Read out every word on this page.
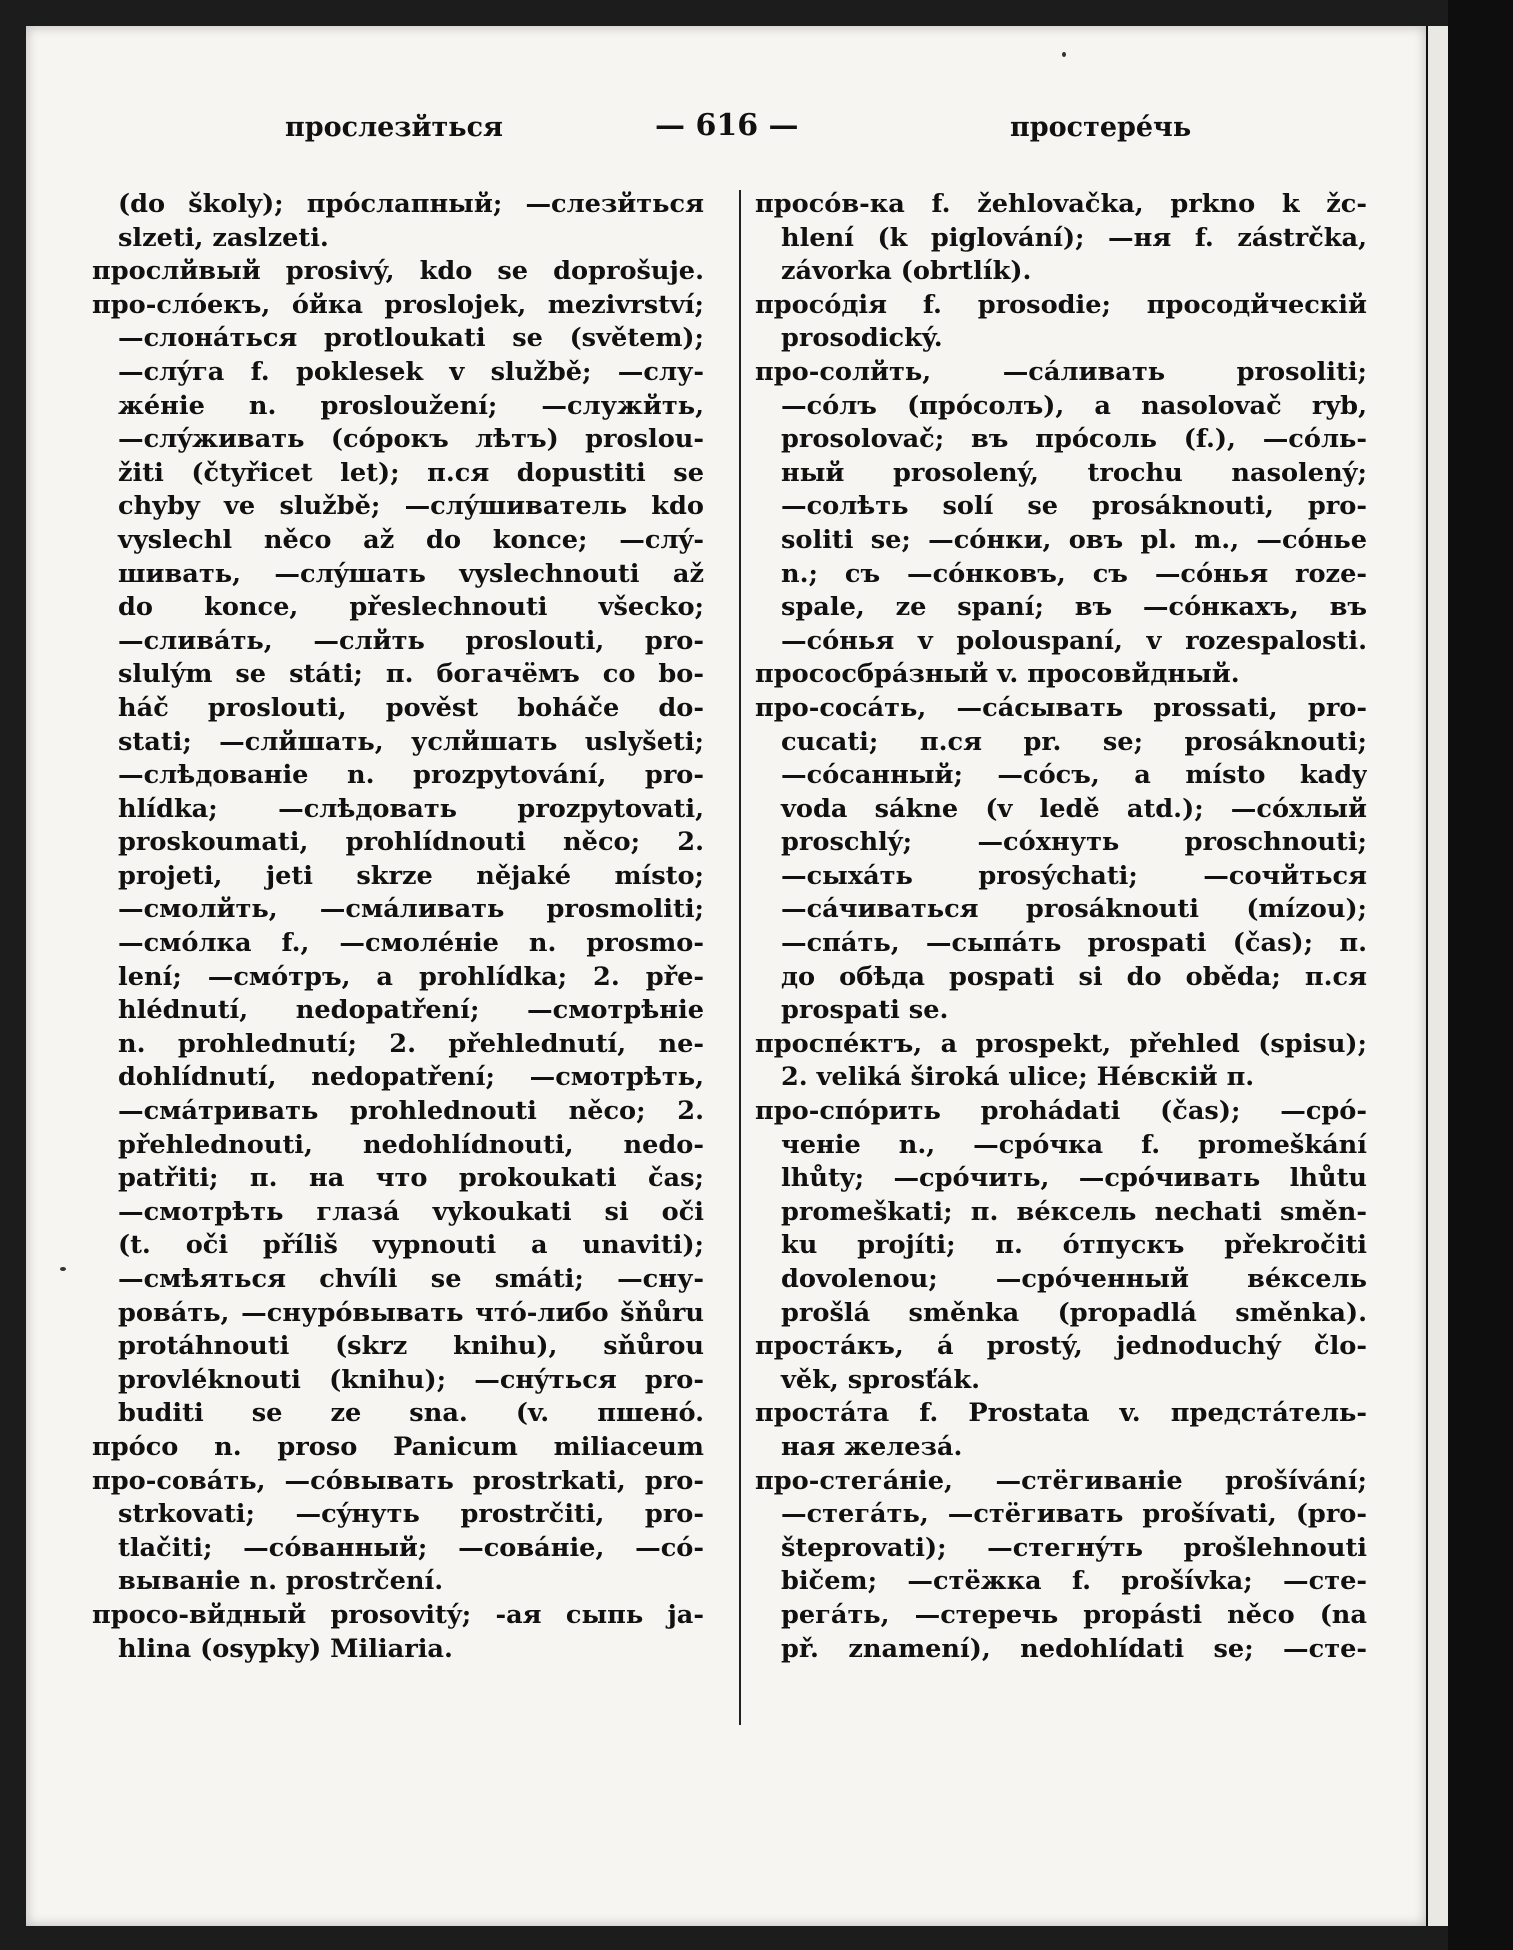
прослезйться	— 616 —	простерéчь
(do školy); прóслапный; —слезйться
slzeti, zaslzeti.
проcлйвый prosivý, kdo se doprošuje.
про-слóекъ, óйка proslojek, mezivrství;
—слонáться protloukati se (světem);
—слýга f. poklesek v službě; —слу-
жéніе n. prosloužení; —служйть,
—слýживать (сóрокъ лѣтъ) proslou-
žiti (čtyřicet let); п.ся dopustiti se
chyby ve službě; —слýшиватель kdo
vyslechl něco až do konce; —слý-
шивать, —слýшать vyslechnouti až
do konce, přeslechnouti všecko;
—сливáть, —слйть proslouti, pro-
slulým se státi; п. богачёмъ co bo-
háč proslouti, pověst boháče do-
stati; —слйшать, услйшать uslyšeti;
—слѣдованіе n. prozpytování, pro-
hlídka; —слѣдовать prozpytovati,
proskoumati, prohlídnouti něco; 2.
projeti, jeti skrze nějaké místo;
—смолйть, —смáливать prosmoliti;
—смóлка f., —смолéніе n. prosmo-
lení; —смóтръ, a prohlídka; 2. pře-
hlédnutí, nedopatření; —смотрѣніе
n. prohlednutí; 2. přehlednutí, ne-
dohlídnutí, nedopatření; —смотрѣть,
—смáтривать prohlednouti něco; 2.
přehlednouti, nedohlídnouti, nedo-
patřiti; п. на что prokoukati čas;
—смотрѣть глазá vykoukati si oči
(t. oči příliš vypnouti a unaviti);
—смѣяться chvíli se smáti; —сну-
ровáть, —снурóвывать чтó-либо šňůru
protáhnouti (skrz knihu), sňůrou
provléknouti (knihu); —снýться pro-
buditi se ze sna. (v. пшенó.
прóсо n. proso Panicum miliaceum
про-совáть, —сóвывать prostrkati, pro-
strkovati; —сýнуть prostrčiti, pro-
tlačiti; —сóванный; —совáніе, —сó-
вываніе n. prostrčení.
просо-вйдный prosovitý; -ая сыпь ja-
hlina (osypky) Miliaria.
просóв-ка f. žehlovačka, prkno k žc-
hlení (k piglování); —ня f. zástrčka,
závorka (obrtlík).
просóдія f. prosodie; просодйческій
prosodický.
про-солйть, —сáливать prosoliti;
—сóлъ (прóсолъ), a nasolovač ryb,
prosolovač; въ прóсоль (f.), —сóль-
ный prosolený, trochu nasolený;
—солѣть solí se prosáknouti, pro-
soliti se; —сóнки, овъ pl. m., —сóнье
n.; съ —сóнковъ, съ —сóнья roze-
spale, ze spaní; въ —сóнкахъ, въ
—сóнья v polouspaní, v rozespalosti.
прососбрáзный v. просовйдный.
про-сосáть, —сáсывать prossati, pro-
cucati; п.ся pr. se; prosáknouti;
—сóсанный; —сóсъ, a místo kady
voda sákne (v ledě atd.); —сóхлый
proschlý; —сóхнуть proschnouti;
—сыхáть prosýchati; —сочйться
—сáчиваться prosáknouti (mízou);
—спáть, —сыпáть prospati (čas); п.
до обѣда pospati si do oběda; п.ся
prospati se.
проспéктъ, a prospekt, přehled (spisu);
2. veliká široká ulice; Нéвскій п.
про-спóрить prohádati (čas); —срó-
ченіе n., —срóчка f. promeškání
lhůty; —срóчить, —срóчивать lhůtu
promeškati; п. вéксель nechati směn-
ku projíti; п. óтпускъ překročiti
dovolenou; —срóченный вéксель
prošlá směnka (propadlá směnka).
простáкъ, á prostý, jednoduchý člo-
věk, sprosťák.
простáта f. Prostata v. предстáтель-
ная железá.
про-стегáніе, —стёгиваніе prošívání;
—стегáть, —стёгивать prošívati, (pro-
šteprovati); —стегнýть prošlehnouti
bičem; —стёжка f. prošívka; —сте-
регáть, —стеречь propásti něco (na
př. znamení), nedohlídati se; —сте-
